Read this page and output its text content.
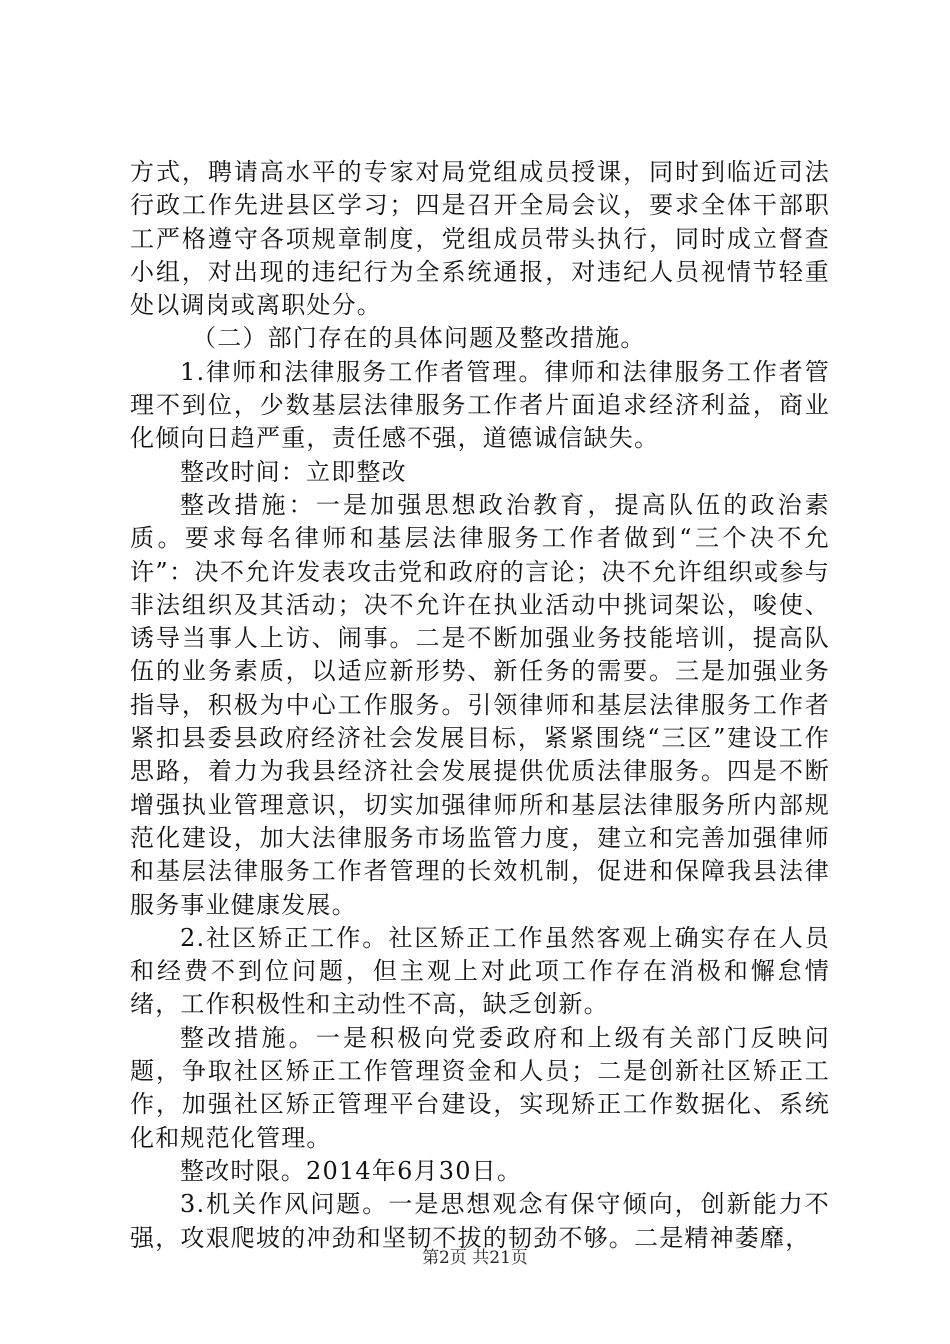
方式，聘请高水平的专家对局党组成员授课，同时到临近司法行政工作先进县区学习；四是召开全局会议，要求全体干部职工严格遵守各项规章制度，党组成员带头执行，同时成立督查小组，对出现的违纪行为全系统通报，对违纪人员视情节轻重处以调岗或离职处分。

（二）部门存在的具体问题及整改措施。

1.律师和法律服务工作者管理。律师和法律服务工作者管理不到位，少数基层法律服务工作者片面追求经济利益，商业化倾向日趋严重，责任感不强，道德诚信缺失。

整改时间：立即整改

整改措施：一是加强思想政治教育，提高队伍的政治素质。要求每名律师和基层法律服务工作者做到“三个决不允许”：决不允许发表攻击党和政府的言论；决不允许组织或参与非法组织及其活动；决不允许在执业活动中挑词架讼，唆使、诱导当事人上访、闹事。二是不断加强业务技能培训，提高队伍的业务素质，以适应新形势、新任务的需要。三是加强业务指导，积极为中心工作服务。引领律师和基层法律服务工作者紧扣县委县政府经济社会发展目标，紧紧围绕“三区”建设工作思路，着力为我县经济社会发展提供优质法律服务。四是不断增强执业管理意识，切实加强律师所和基层法律服务所内部规范化建设，加大法律服务市场监管力度，建立和完善加强律师和基层法律服务工作者管理的长效机制，促进和保障我县法律服务事业健康发展。

2.社区矫正工作。社区矫正工作虽然客观上确实存在人员和经费不到位问题，但主观上对此项工作存在消极和懈怠情绪，工作积极性和主动性不高，缺乏创新。

整改措施。一是积极向党委政府和上级有关部门反映问题，争取社区矫正工作管理资金和人员；二是创新社区矫正工作，加强社区矫正管理平台建设，实现矫正工作数据化、系统化和规范化管理。

整改时限。2014年6月30日。

3.机关作风问题。一是思想观念有保守倾向，创新能力不强，攻艰爬坡的冲劲和坚韧不拔的韧劲不够。二是精神萎靡，

第2页 共21页
